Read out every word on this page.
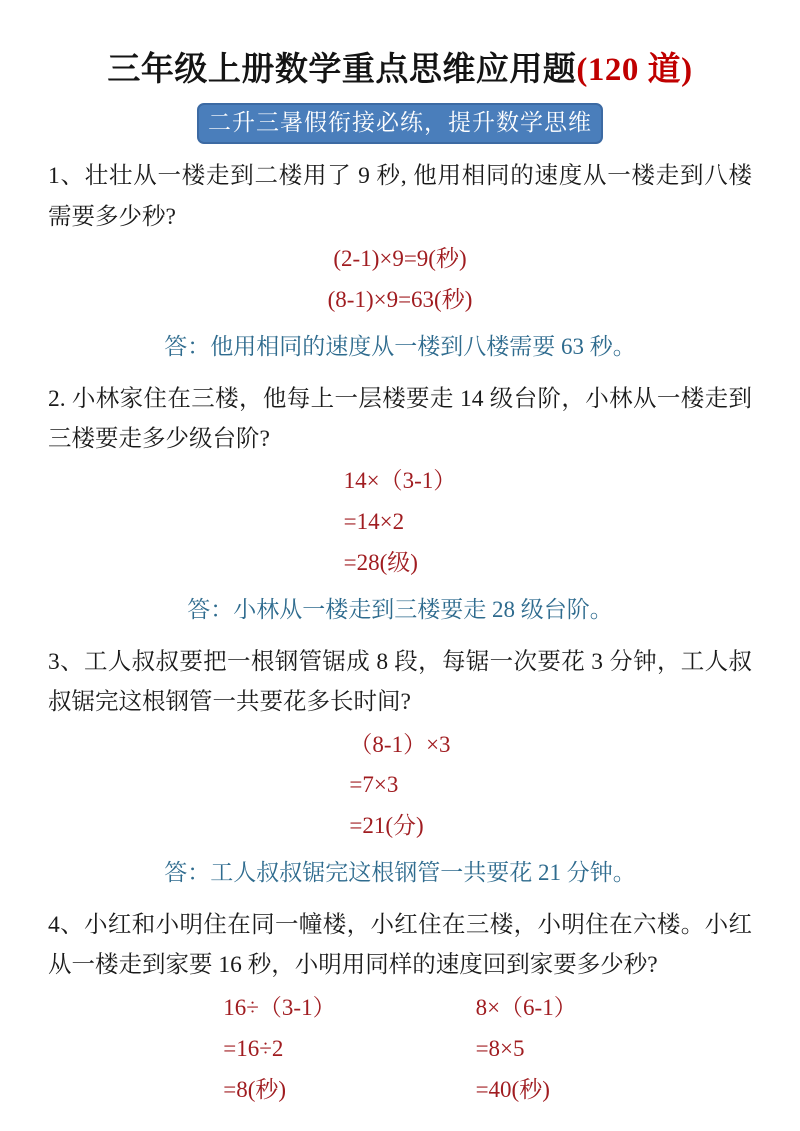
三年级上册数学重点思维应用题(120 道)
二升三暑假衔接必练，提升数学思维

1、壮壮从一楼走到二楼用了 9 秒, 他用相同的速度从一楼走到八楼需要多少秒?

(2-1)×9=9(秒)
(8-1)×9=63(秒)
答：他用相同的速度从一楼到八楼需要 63 秒。

2. 小林家住在三楼，他每上一层楼要走 14 级台阶，小林从一楼走到三楼要走多少级台阶?

14×（3-1）
=14×2
=28(级)
答：小林从一楼走到三楼要走 28 级台阶。

3、工人叔叔要把一根钢管锯成 8 段，每锯一次要花 3 分钟，工人叔叔锯完这根钢管一共要花多长时间?

（8-1）×3
=7×3
=21(分)
答：工人叔叔锯完这根钢管一共要花 21 分钟。

4、小红和小明住在同一幢楼，小红住在三楼，小明住在六楼。小红从一楼走到家要 16 秒，小明用同样的速度回到家要多少秒?

16÷（3-1）
=16÷2
=8(秒)
8×（6-1）
=8×5
=40(秒)
